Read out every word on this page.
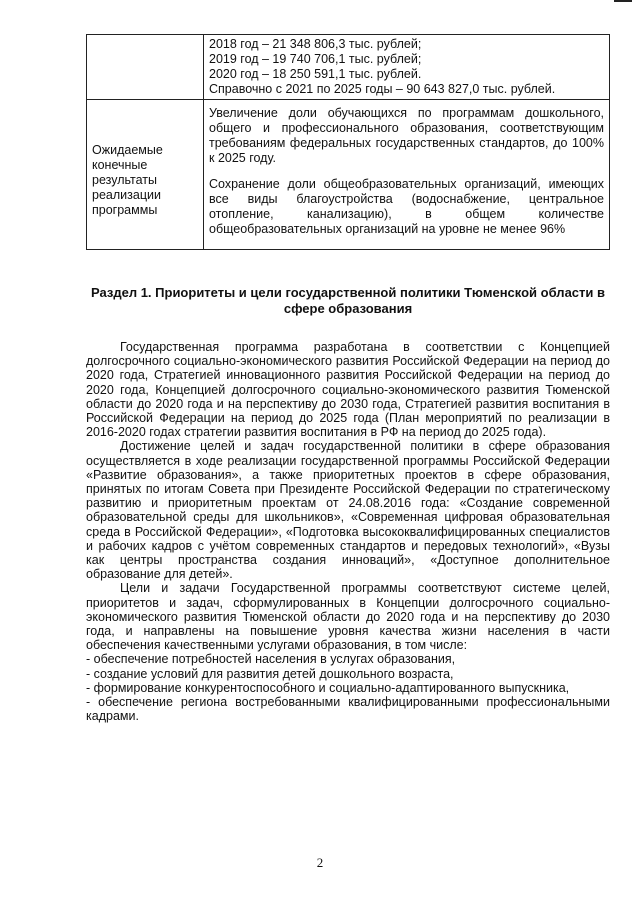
	2018 год – 21 348 806,3 тыс. рублей;
2019 год – 19 740 706,1 тыс. рублей;
2020 год – 18 250 591,1 тыс. рублей.
Справочно с 2021 по 2025 годы – 90 643 827,0 тыс. рублей.

Ожидаемые конечные результаты реализации программы	Увеличение доли обучающихся по программам дошкольного, общего и профессионального образования, соответствующим требованиям федеральных государственных стандартов, до 100% к 2025 году.
Сохранение доли общеобразовательных организаций, имеющих все виды благоустройства (водоснабжение, центральное отопление, канализацию), в общем количестве общеобразовательных организаций на уровне не менее 96%
Раздел 1. Приоритеты и цели государственной политики Тюменской области в сфере образования

Государственная программа разработана в соответствии с Концепцией долгосрочного социально-экономического развития Российской Федерации на период до 2020 года, Стратегией инновационного развития Российской Федерации на период до 2020 года, Концепцией долгосрочного социально-экономического развития Тюменской области до 2020 года и на перспективу до 2030 года, Стратегией развития воспитания в Российской Федерации на период до 2025 года (План мероприятий по реализации в 2016-2020 годах стратегии развития воспитания в РФ на период до 2025 года).

Достижение целей и задач государственной политики в сфере образования осуществляется в ходе реализации государственной программы Российской Федерации «Развитие образования», а также приоритетных проектов в сфере образования, принятых по итогам Совета при Президенте Российской Федерации по стратегическому развитию и приоритетным проектам от 24.08.2016 года: «Создание современной образовательной среды для школьников», «Современная цифровая образовательная среда в Российской Федерации», «Подготовка высококвалифицированных специалистов и рабочих кадров с учётом современных стандартов и передовых технологий», «Вузы как центры пространства создания инноваций», «Доступное дополнительное образование для детей».

Цели и задачи Государственной программы соответствуют системе целей, приоритетов и задач, сформулированных в Концепции долгосрочного социально-экономического развития Тюменской области до 2020 года и на перспективу до 2030 года, и направлены на повышение уровня качества жизни населения в части обеспечения качественными услугами образования, в том числе:

- обеспечение потребностей населения в услугах образования,
- создание условий для развития детей дошкольного возраста,
- формирование конкурентоспособного и социально-адаптированного выпускника,
- обеспечение региона востребованными квалифицированными профессиональными кадрами.
2
